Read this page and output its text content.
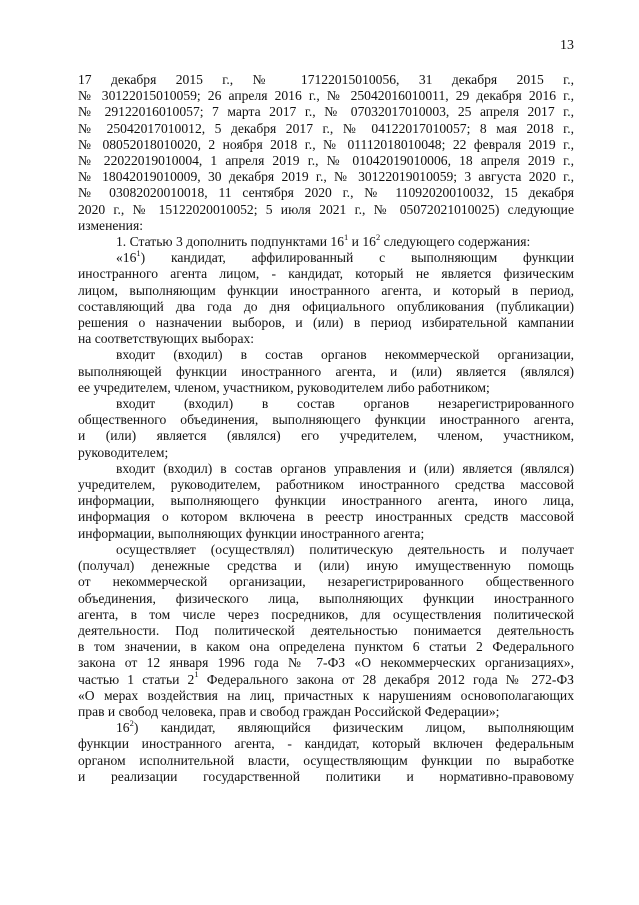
13
17 декабря 2015 г., № 17122015010056, 31 декабря 2015 г.,
№ 30122015010059; 26 апреля 2016 г., № 25042016010011, 29 декабря 2016 г.,
№ 29122016010057; 7 марта 2017 г., № 07032017010003, 25 апреля 2017 г.,
№ 25042017010012, 5 декабря 2017 г., № 04122017010057; 8 мая 2018 г.,
№ 08052018010020, 2 ноября 2018 г., № 01112018010048; 22 февраля 2019 г.,
№ 22022019010004, 1 апреля 2019 г., № 01042019010006, 18 апреля 2019 г.,
№ 18042019010009, 30 декабря 2019 г., № 30122019010059; 3 августа 2020 г.,
№ 03082020010018, 11 сентября 2020 г., № 11092020010032, 15 декабря
2020 г., № 15122020010052; 5 июля 2021 г., № 05072021010025) следующие
изменения:
1. Статью 3 дополнить подпунктами $16^1$ и $16^2$ следующего содержания:
«$16^1$) кандидат, аффилированный с выполняющим функции
иностранного агента лицом, - кандидат, который не является физическим
лицом, выполняющим функции иностранного агента, и который в период,
составляющий два года до дня официального опубликования (публикации)
решения о назначении выборов, и (или) в период избирательной кампании
на соответствующих выборах:
входит (входил) в состав органов некоммерческой организации,
выполняющей функции иностранного агента, и (или) является (являлся)
ее учредителем, членом, участником, руководителем либо работником;
входит (входил) в состав органов незарегистрированного
общественного объединения, выполняющего функции иностранного агента,
и (или) является (являлся) его учредителем, членом, участником,
руководителем;
входит (входил) в состав органов управления и (или) является (являлся)
учредителем, руководителем, работником иностранного средства массовой
информации, выполняющего функции иностранного агента, иного лица,
информация о котором включена в реестр иностранных средств массовой
информации, выполняющих функции иностранного агента;
осуществляет (осуществлял) политическую деятельность и получает
(получал) денежные средства и (или) иную имущественную помощь
от некоммерческой организации, незарегистрированного общественного
объединения, физического лица, выполняющих функции иностранного
агента, в том числе через посредников, для осуществления политической
деятельности. Под политической деятельностью понимается деятельность
в том значении, в каком она определена пунктом 6 статьи 2 Федерального
закона от 12 января 1996 года № 7-ФЗ «О некоммерческих организациях»,
частью 1 статьи $2^1$ Федерального закона от 28 декабря 2012 года № 272-ФЗ
«О мерах воздействия на лиц, причастных к нарушениям основополагающих
прав и свобод человека, прав и свобод граждан Российской Федерации»;
$16^2$) кандидат, являющийся физическим лицом, выполняющим
функции иностранного агента, - кандидат, который включен федеральным
органом исполнительной власти, осуществляющим функции по выработке
и реализации государственной политики и нормативно-правовому
